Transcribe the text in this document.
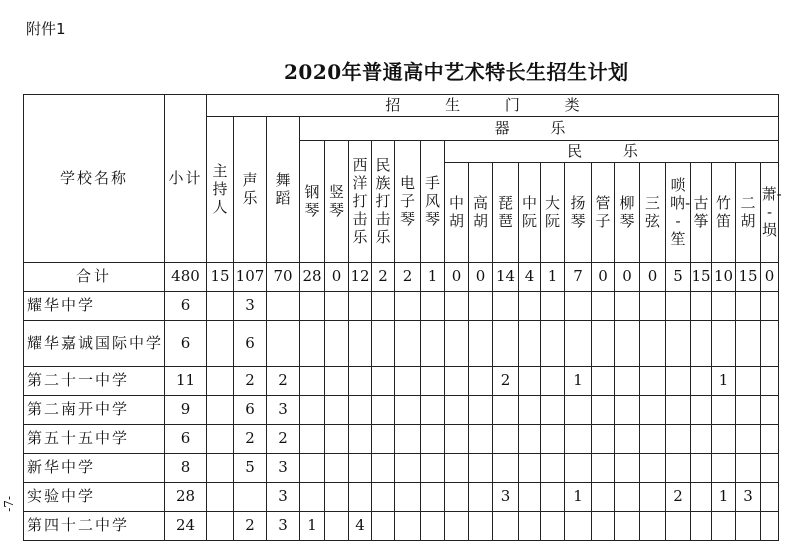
附件1
2020年普通高中艺术特长生招生计划
-7-
学校名称	小计	招 生 门 类																						
		主持人	声乐	舞蹈	器 乐																			
					钢琴	竖琴	西洋打击乐	民族打击乐	电子琴	手风琴	民 乐													
											中胡	高胡	琵琶	中阮	大阮	扬琴	管子	柳琴	三弦	唢呐--笙	古筝	竹笛	二胡	萧--埙
合计	480	15	107	70	28	0	12	2	2	1	0	0	14	4	1	7	0	0	0	5	15	10	15	0
耀华中学	6		3																					
耀华嘉诚国际中学	6		6																					
第二十一中学	11		2	2									2			1						1		
第二南开中学	9		6	3																				
第五十五中学	6		2	2																				
新华中学	8		5	3																				
实验中学	28			3									3			1				2		1	3	
第四十二中学	24		2	3	1		4																	
